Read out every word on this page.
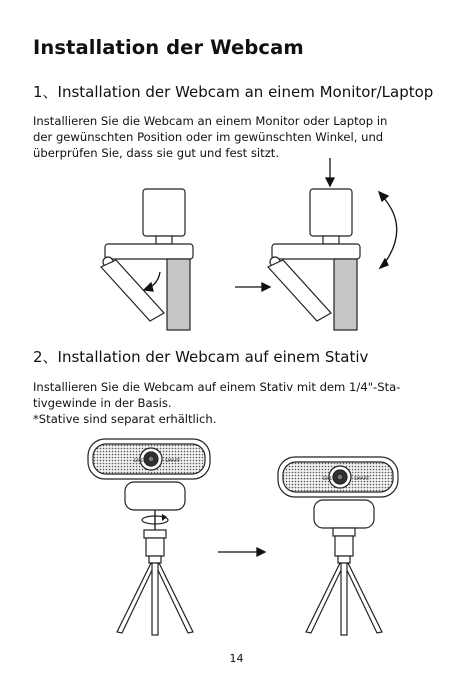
Installation der Webcam
1、Installation der Webcam an einem Monitor/Laptop
Installieren Sie die Webcam an einem Monitor oder Laptop in
der gewünschten Position oder im gewünschten Winkel, und
überprüfen Sie, dass sie gut und fest sitzt.
2、Installation der Webcam auf einem Stativ
Installieren Sie die Webcam auf einem Stativ mit dem 1/4"-Sta-
tivgewinde in der Basis.
*Stative sind separat erhältlich.
EMEET	SMART
EMEET	SMART
14
